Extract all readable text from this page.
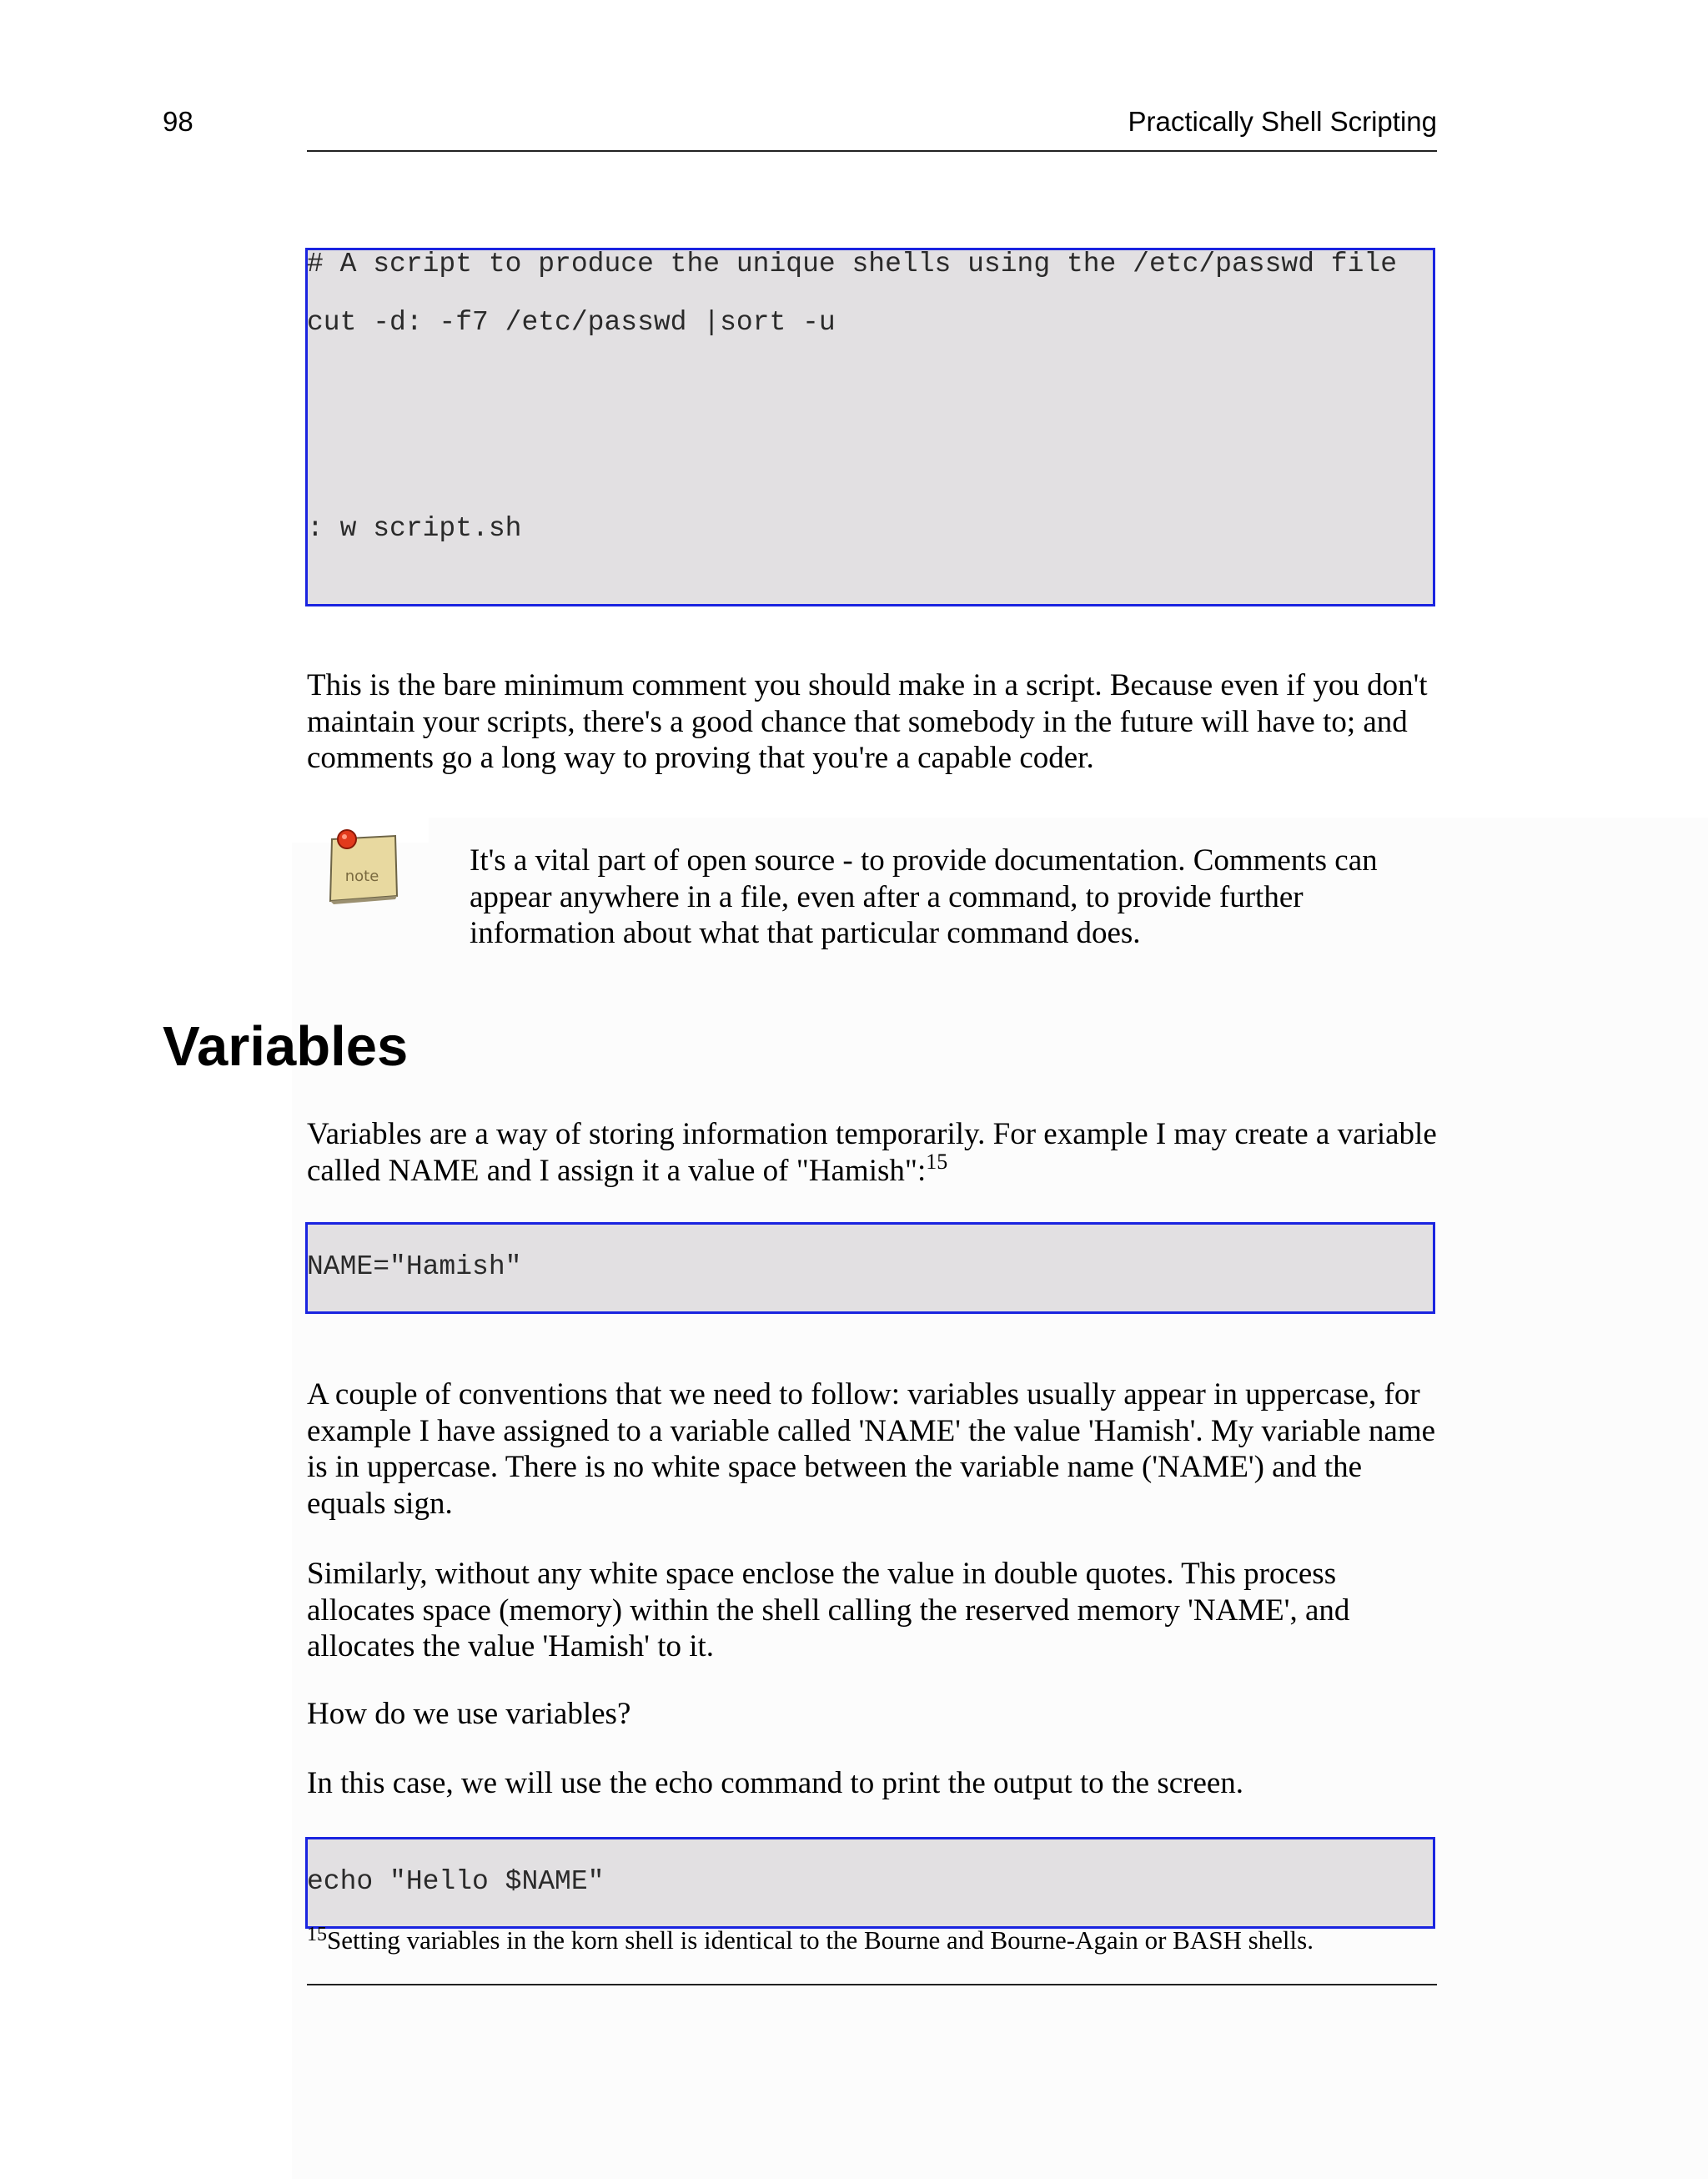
98	Practically Shell Scripting
# A script to produce the unique shells using the /etc/passwd file
cut -d: -f7 /etc/passwd |sort -u
: w script.sh
This is the bare minimum comment you should make in a script. Because even if you don't maintain your scripts, there's a good chance that somebody in the future will have to; and comments go a long way to proving that you're a capable coder.
note	It's a vital part of open source - to provide documentation. Comments can appear anywhere in a file, even after a command, to provide further information about what that particular command does.
Variables
Variables are a way of storing information temporarily. For example I may create a variable called NAME and I assign it a value of "Hamish":$^{15}$
NAME="Hamish"
A couple of conventions that we need to follow: variables usually appear in uppercase, for example I have assigned to a variable called 'NAME' the value 'Hamish'. My variable name is in uppercase. There is no white space between the variable name ('NAME') and the equals sign.
Similarly, without any white space enclose the value in double quotes. This process allocates space (memory) within the shell calling the reserved memory 'NAME', and allocates the value 'Hamish' to it.
How do we use variables?
In this case, we will use the echo command to print the output to the screen.
echo "Hello $NAME"
$^{15}$Setting variables in the korn shell is identical to the Bourne and Bourne-Again or BASH shells.
